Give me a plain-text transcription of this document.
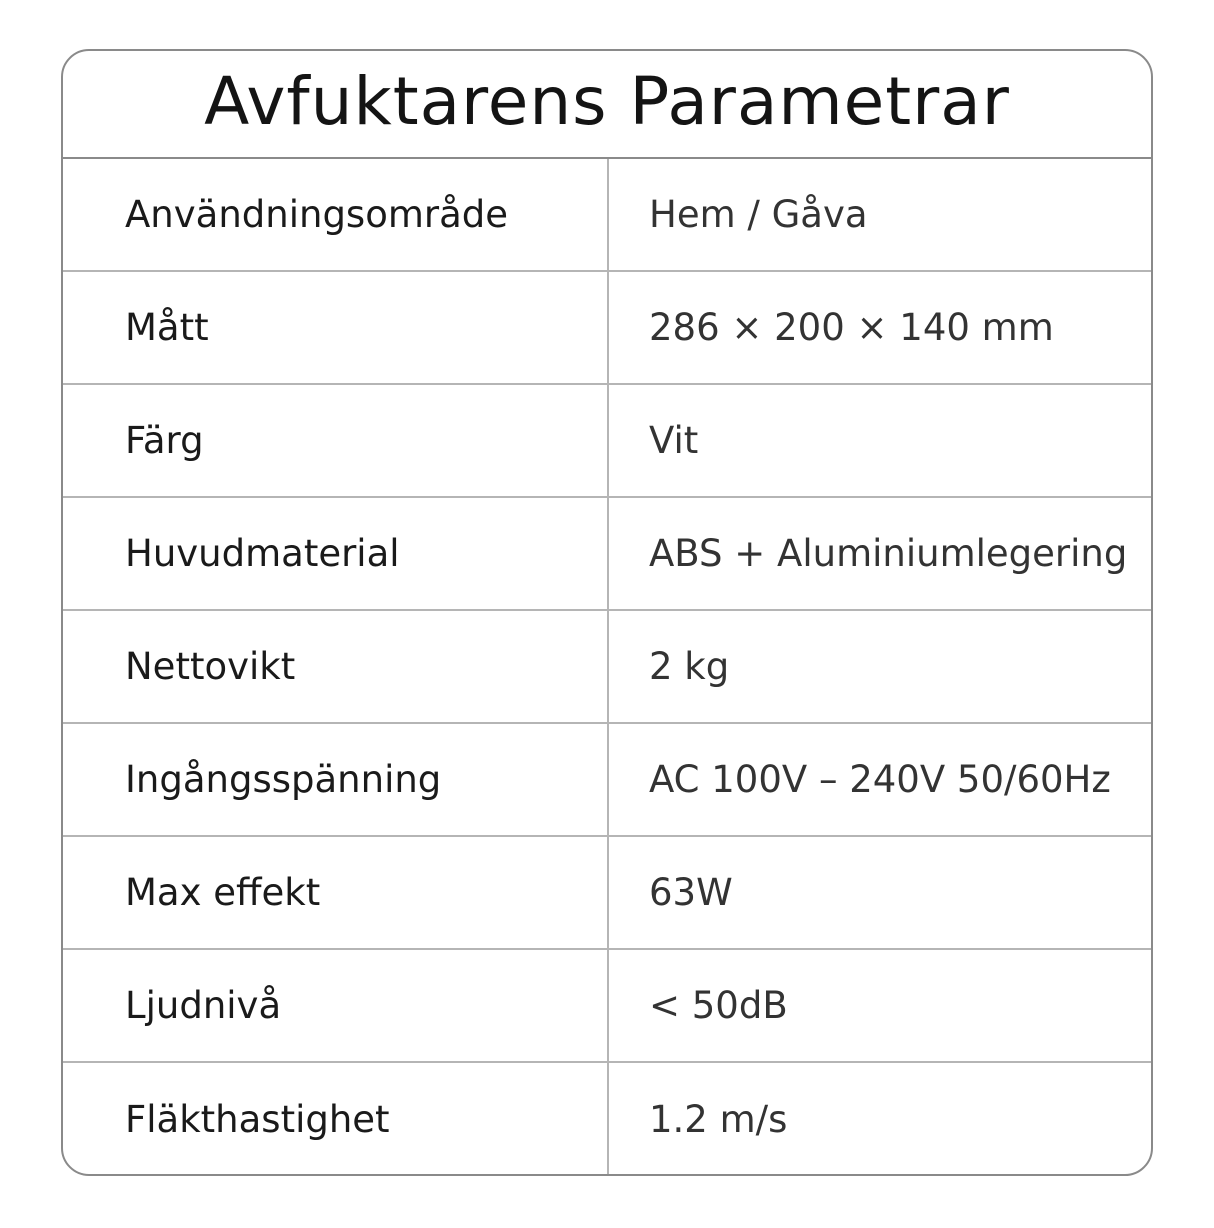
Avfuktarens Parametrar
Användningsområde	Hem / Gåva
Mått	286 × 200 × 140 mm
Färg	Vit
Huvudmaterial	ABS + Aluminiumlegering
Nettovikt	2 kg
Ingångsspänning	AC 100V – 240V 50/60Hz
Max effekt	63W
Ljudnivå	< 50dB
Fläkthastighet	1.2 m/s
